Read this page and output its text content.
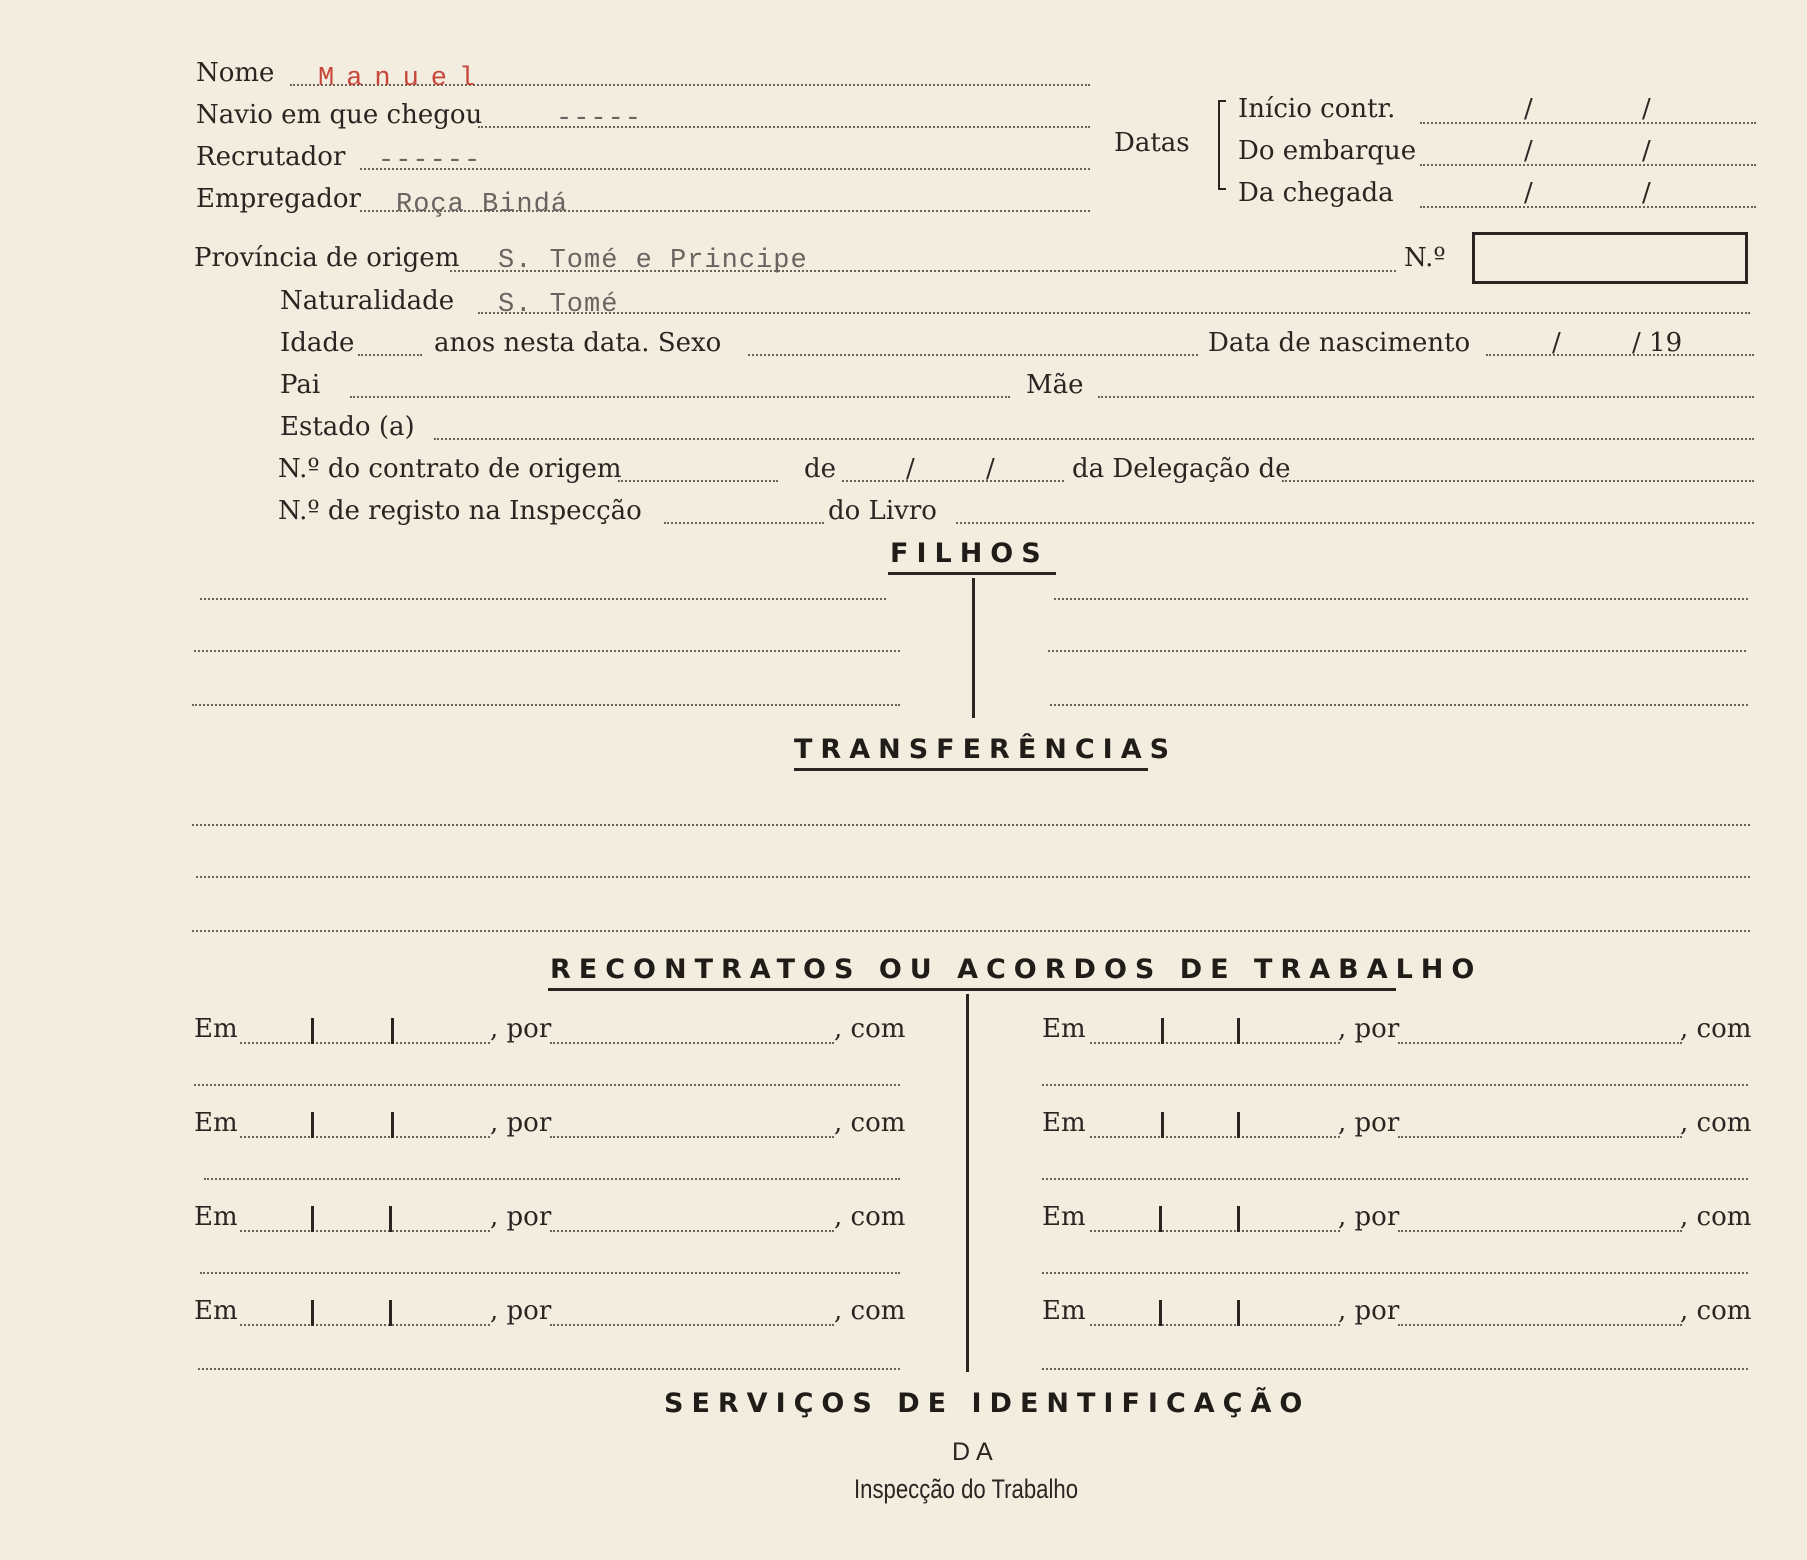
Nome Manuel
Navio em que chegou	-----
Recrutador ------
Empregador Roça Bindá
Datas
Início contr.	/	/
Do embarque	/	/
Da chegada	/	/
Província de origem S. Tomé e Principe	N.º
Naturalidade S. Tomé
Idade	anos nesta data. Sexo	Data de nascimento	/	/ 19
Pai	Mãe
Estado (a)
N.º do contrato de origem	de	/	/	da Delegação de
N.º de registo na Inspecção	do Livro
FILHOS
TRANSFERÊNCIAS
RECONTRATOS OU ACORDOS DE TRABALHO
Em	, por	, com
Em	, por	, com
Em	, por	, com
Em	, por	, com
Em	, por	, com
Em	, por	, com
Em	, por	, com
Em	, por	, com
SERVIÇOS DE IDENTIFICAÇÃO
DA
Inspecção do Trabalho
